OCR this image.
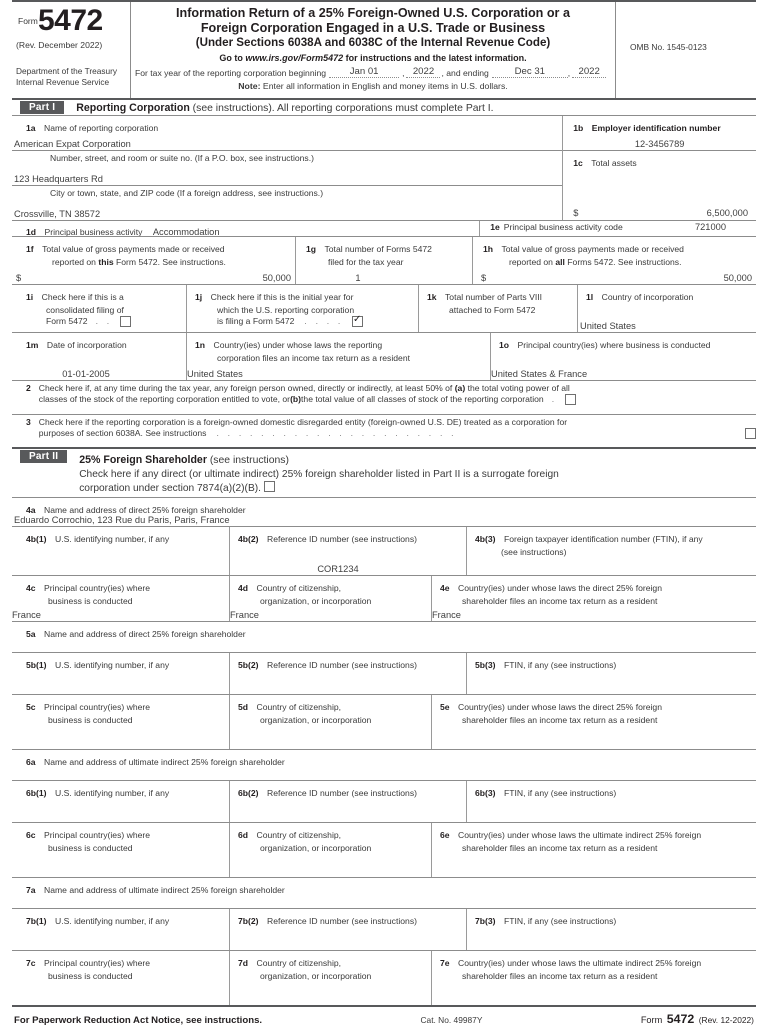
Form 5472
(Rev. December 2022)
Department of the Treasury
Internal Revenue Service
Information Return of a 25% Foreign-Owned U.S. Corporation or a
Foreign Corporation Engaged in a U.S. Trade or Business
(Under Sections 6038A and 6038C of the Internal Revenue Code)
Go to www.irs.gov/Form5472 for instructions and the latest information.
For tax year of the reporting corporation beginning	Jan 01	, 2022 , and ending	Dec 31	, 2022
Note: Enter all information in English and money items in U.S. dollars.
OMB No. 1545-0123
Part I	Reporting Corporation (see instructions). All reporting corporations must complete Part I.
1a Name of reporting corporation
American Expat Corporation
Number, street, and room or suite no. (If a P.O. box, see instructions.)
123 Headquarters Rd
City or town, state, and ZIP code (If a foreign address, see instructions.)
Crossville, TN 38572
1b Employer identification number
12-3456789
1c Total assets
$	6,500,000
1d Principal business activity Accommodation	1e Principal business activity code	721000
1f Total value of gross payments made or received
reported on this Form 5472. See instructions.
$	50,000
1g Total number of Forms 5472
filed for the tax year
1
1h Total value of gross payments made or received
reported on all Forms 5472. See instructions.
$	50,000
1i Check here if this is a
consolidated filing of
Form 5472 . .
1j Check here if this is the initial year for
which the U.S. reporting corporation
is filing a Form 5472	. . . .
✓
1k Total number of Parts VIII
attached to Form 5472
1l Country of incorporation
United States
1m Date of incorporation
01-01-2005
1n Country(ies) under whose laws the reporting
corporation files an income tax return as a resident
United States
1o Principal country(ies) where business is conducted
United States & France
2 Check here if, at any time during the tax year, any foreign person owned, directly or indirectly, at least 50% of (a) the total voting power of all
classes of the stock of the reporting corporation entitled to vote, or (b) the total value of all classes of stock of the reporting corporation .
3 Check here if the reporting corporation is a foreign-owned domestic disregarded entity (foreign-owned U.S. DE) treated as a corporation for
purposes of section 6038A. See instructions	. . . . . . . . . . . . . . . . . . . . . .
Part II	25% Foreign Shareholder (see instructions)
Check here if any direct (or ultimate indirect) 25% foreign shareholder listed in Part II is a surrogate foreign
corporation under section 7874(a)(2)(B).
4a Name and address of direct 25% foreign shareholder
Eduardo Corrochio, 123 Rue du Paris, Paris, France
4b(1) U.S. identifying number, if any	4b(2) Reference ID number (see instructions)
COR1234
4b(3) Foreign taxpayer identification number (FTIN), if any
(see instructions)
4c Principal country(ies) where
business is conducted
France
4d Country of citizenship,
organization, or incorporation
France
4e Country(ies) under whose laws the direct 25% foreign
shareholder files an income tax return as a resident
France
5a Name and address of direct 25% foreign shareholder
5b(1) U.S. identifying number, if any	5b(2) Reference ID number (see instructions)	5b(3) FTIN, if any (see instructions)
5c Principal country(ies) where
business is conducted
5d Country of citizenship,
organization, or incorporation
5e Country(ies) under whose laws the direct 25% foreign
shareholder files an income tax return as a resident
6a Name and address of ultimate indirect 25% foreign shareholder
6b(1) U.S. identifying number, if any	6b(2) Reference ID number (see instructions)	6b(3) FTIN, if any (see instructions)
6c Principal country(ies) where
business is conducted
6d Country of citizenship,
organization, or incorporation
6e Country(ies) under whose laws the ultimate indirect 25% foreign
shareholder files an income tax return as a resident
7a Name and address of ultimate indirect 25% foreign shareholder
7b(1) U.S. identifying number, if any	7b(2) Reference ID number (see instructions)	7b(3) FTIN, if any (see instructions)
7c Principal country(ies) where
business is conducted
7d Country of citizenship,
organization, or incorporation
7e Country(ies) under whose laws the ultimate indirect 25% foreign
shareholder files an income tax return as a resident
For Paperwork Reduction Act Notice, see instructions.	Cat. No. 49987Y	Form 5472 (Rev. 12-2022)
